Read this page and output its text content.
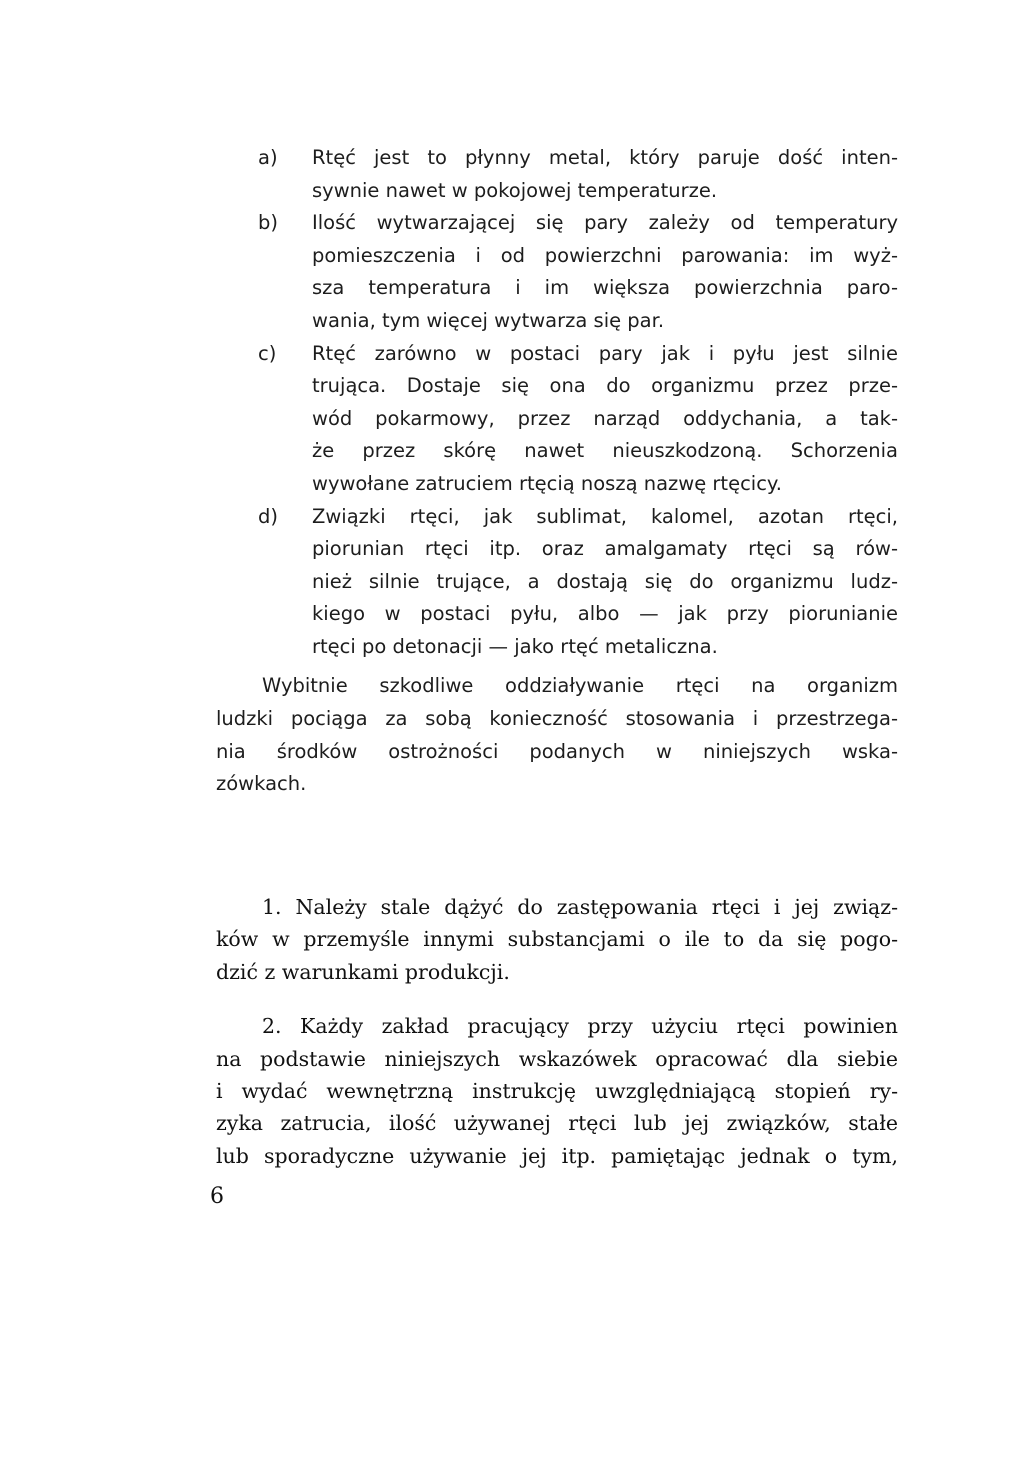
a)	Rtęć jest to płynny metal, który paruje dość inten-
sywnie nawet w pokojowej temperaturze.
b)	Ilość wytwarzającej się pary zależy od temperatury
pomieszczenia i od powierzchni parowania: im wyż-
sza temperatura i im większa powierzchnia paro-
wania, tym więcej wytwarza się par.
c)	Rtęć zarówno w postaci pary jak i pyłu jest silnie
trująca. Dostaje się ona do organizmu przez prze-
wód pokarmowy, przez narząd oddychania, a tak-
że przez skórę nawet nieuszkodzoną. Schorzenia
wywołane zatruciem rtęcią noszą nazwę rtęcicy.
d)	Związki rtęci, jak sublimat, kalomel, azotan rtęci,
piorunian rtęci itp. oraz amalgamaty rtęci są rów-
nież silnie trujące, a dostają się do organizmu ludz-
kiego w postaci pyłu, albo — jak przy piorunianie
rtęci po detonacji — jako rtęć metaliczna.
Wybitnie szkodliwe oddziaływanie rtęci na organizm
ludzki pociąga za sobą konieczność stosowania i przestrzega-
nia środków ostrożności podanych w niniejszych wska-
zówkach.
1. Należy stale dążyć do zastępowania rtęci i jej związ-
ków w przemyśle innymi substancjami o ile to da się pogo-
dzić z warunkami produkcji.
2. Każdy zakład pracujący przy użyciu rtęci powinien
na podstawie niniejszych wskazówek opracować dla siebie
i wydać wewnętrzną instrukcję uwzględniającą stopień ry-
zyka zatrucia, ilość używanej rtęci lub jej związków, stałe
lub sporadyczne używanie jej itp. pamiętając jednak o tym,
6
